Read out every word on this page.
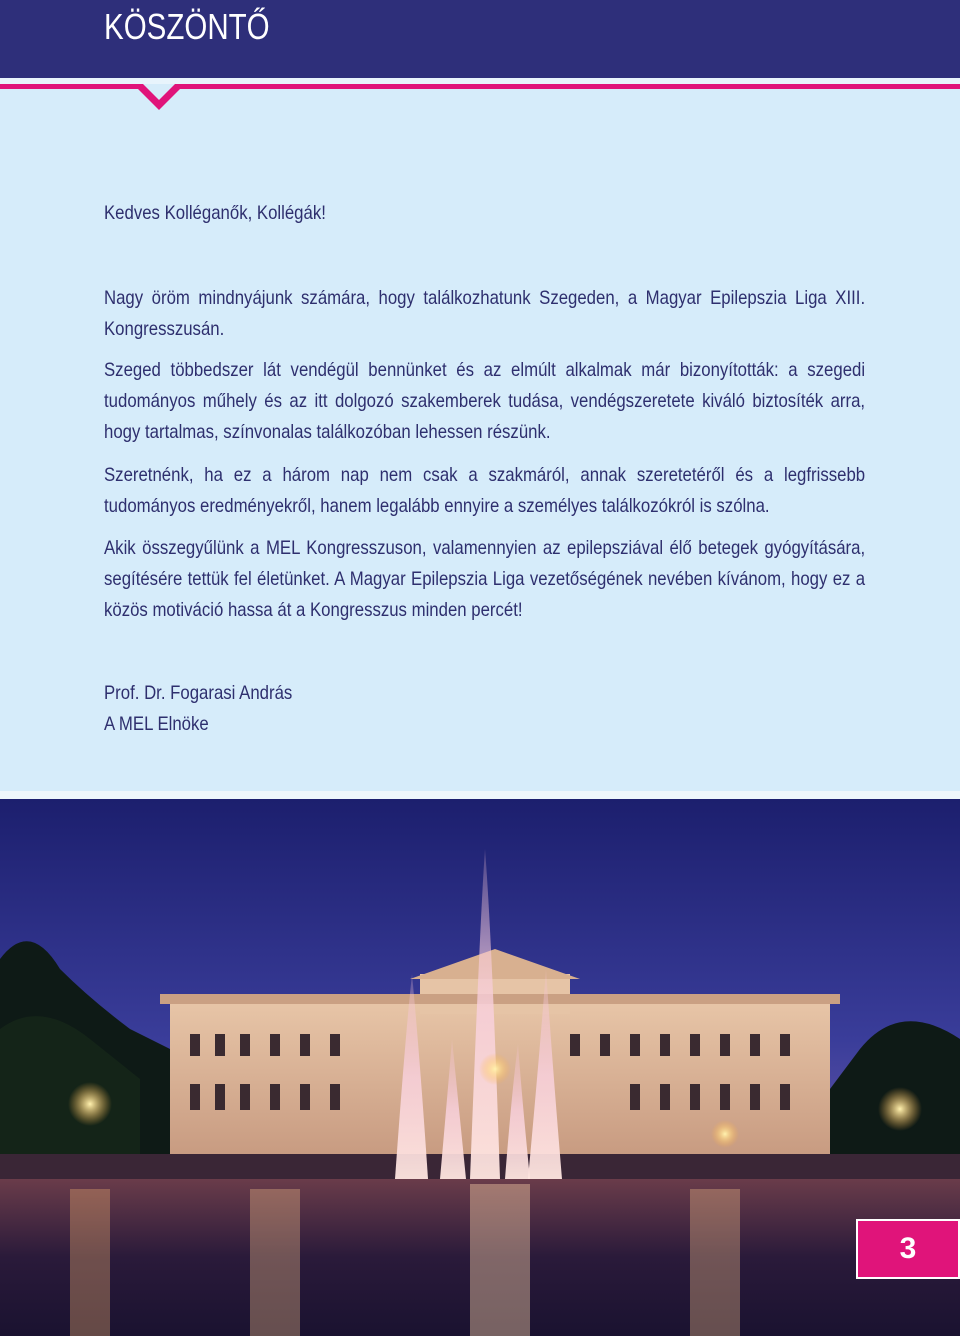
KÖSZÖNTŐ

Kedves Kolléganők, Kollégák!

Nagy öröm mindnyájunk számára, hogy találkozhatunk Szegeden, a Magyar Epilepszia Liga XIII. Kongresszusán.

Szeged többedszer lát vendégül bennünket és az elmúlt alkalmak már bizonyították: a szegedi tudományos műhely és az itt dolgozó szakemberek tudása, vendégszeretete kiváló biztosíték arra, hogy tartalmas, színvonalas találkozóban lehessen részünk.

Szeretnénk, ha ez a három nap nem csak a szakmáról, annak szeretetéről és a legfrissebb tudományos eredményekről, hanem legalább ennyire a személyes találkozókról is szólna.

Akik összegyűlünk a MEL Kongresszuson, valamennyien az epilepsziával élő betegek gyógyítására, segítésére tettük fel életünket. A Magyar Epilepszia Liga vezetőségének nevében kívánom, hogy ez a közös motiváció hassa át a Kongresszus minden percét!

Prof. Dr. Fogarasi András

A MEL Elnöke

3
